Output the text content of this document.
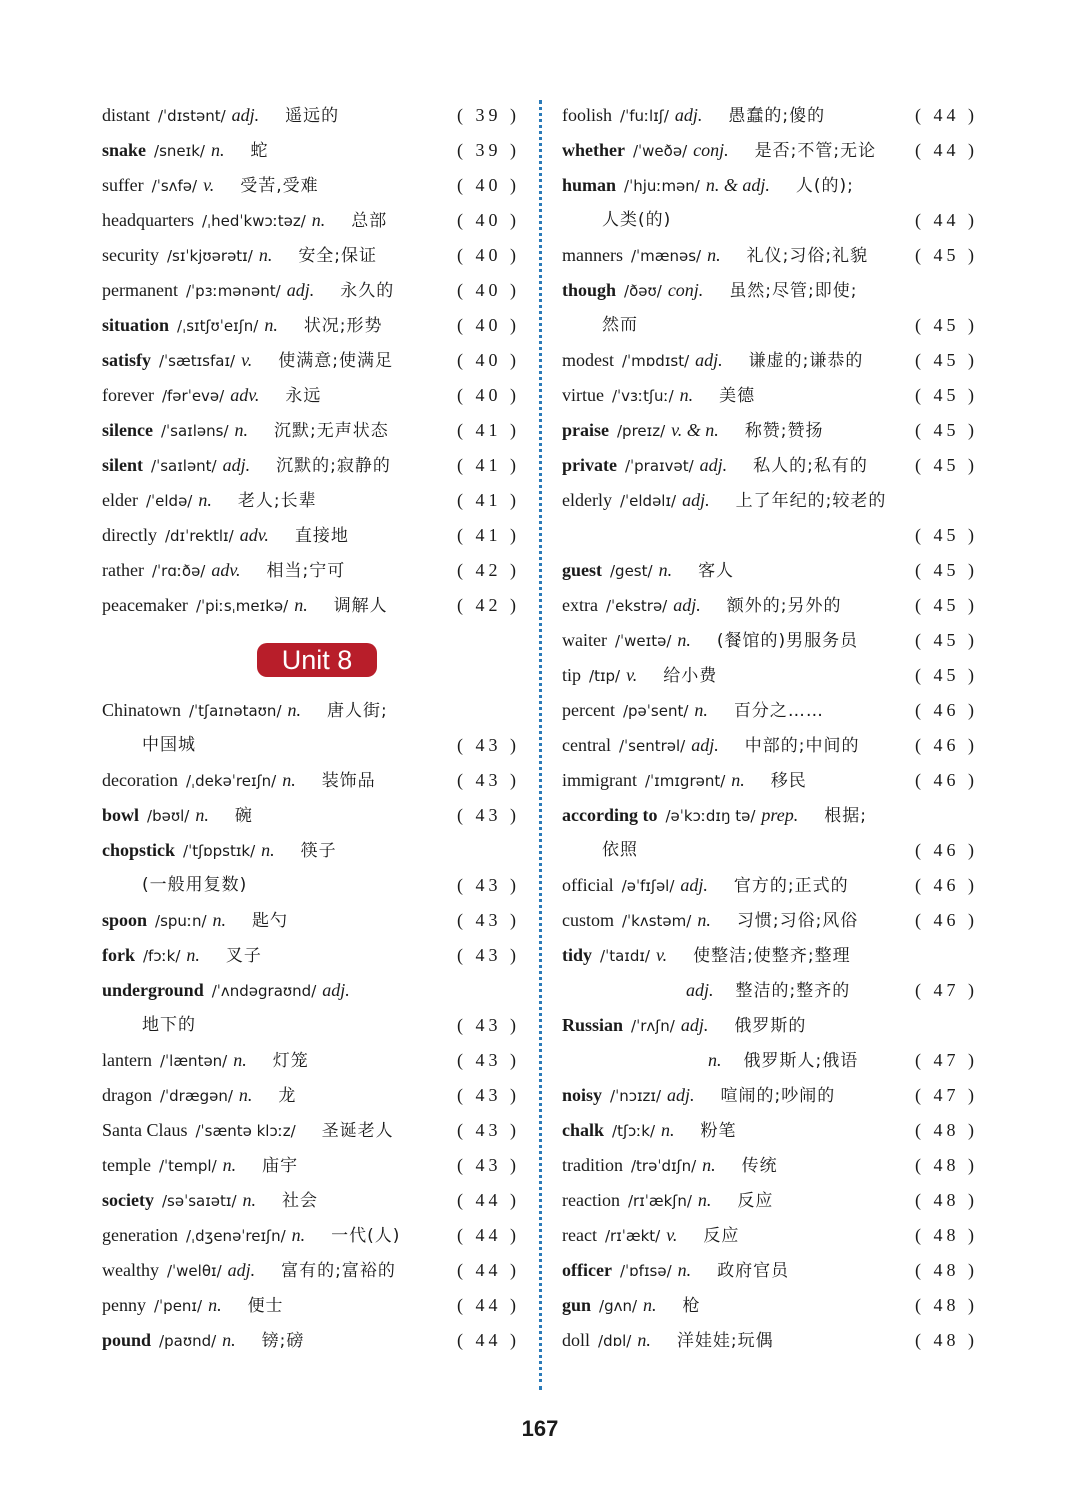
distant /ˈdɪstənt/ adj. 遥远的	( 39 )
snake /sneɪk/ n. 蛇	( 39 )
suffer /ˈsʌfə/ v. 受苦,受难	( 40 )
headquarters /ˌhedˈkwɔːtəz/ n. 总部	( 40 )
security /sɪˈkjʊərətɪ/ n. 安全;保证	( 40 )
permanent /ˈpɜːmənənt/ adj. 永久的	( 40 )
situation /ˌsɪtʃʊˈeɪʃn/ n. 状况;形势	( 40 )
satisfy /ˈsætɪsfaɪ/ v. 使满意;使满足	( 40 )
forever /fərˈevə/ adv. 永远	( 40 )
silence /ˈsaɪləns/ n. 沉默;无声状态	( 41 )
silent /ˈsaɪlənt/ adj. 沉默的;寂静的	( 41 )
elder /ˈeldə/ n. 老人;长辈	( 41 )
directly /dɪˈrektlɪ/ adv. 直接地	( 41 )
rather /ˈrɑːðə/ adv. 相当;宁可	( 42 )
peacemaker /ˈpiːsˌmeɪkə/ n. 调解人	( 42 )
Unit 8
Chinatown /ˈtʃaɪnətaʊn/ n. 唐人街;
中国城	( 43 )
decoration /ˌdekəˈreɪʃn/ n. 装饰品	( 43 )
bowl /bəʊl/ n. 碗	( 43 )
chopstick /ˈtʃɒpstɪk/ n. 筷子
(一般用复数)	( 43 )
spoon /spuːn/ n. 匙勺	( 43 )
fork /fɔːk/ n. 叉子	( 43 )
underground /ˈʌndəgraʊnd/ adj.
地下的	( 43 )
lantern /ˈlæntən/ n. 灯笼	( 43 )
dragon /ˈdrægən/ n. 龙	( 43 )
Santa Claus /ˈsæntə klɔːz/ 圣诞老人	( 43 )
temple /ˈtempl/ n. 庙宇	( 43 )
society /səˈsaɪətɪ/ n. 社会	( 44 )
generation /ˌdʒenəˈreɪʃn/ n. 一代(人)	( 44 )
wealthy /ˈwelθɪ/ adj. 富有的;富裕的	( 44 )
penny /ˈpenɪ/ n. 便士	( 44 )
pound /paʊnd/ n. 镑;磅	( 44 )
foolish /ˈfuːlɪʃ/ adj. 愚蠢的;傻的	( 44 )
whether /ˈweðə/ conj. 是否;不管;无论 ( 44 )
human /ˈhjuːmən/ n. & adj. 人(的);
人类(的)	( 44 )
manners /ˈmænəs/ n. 礼仪;习俗;礼貌	( 45 )
though /ðəʊ/ conj. 虽然;尽管;即使;
然而	( 45 )
modest /ˈmɒdɪst/ adj. 谦虚的;谦恭的	( 45 )
virtue /ˈvɜːtʃuː/ n. 美德	( 45 )
praise /preɪz/ v. & n. 称赞;赞扬	( 45 )
private /ˈpraɪvət/ adj. 私人的;私有的	( 45 )
elderly /ˈeldəlɪ/ adj. 上了年纪的;较老的
( 45 )
guest /gest/ n. 客人	( 45 )
extra /ˈekstrə/ adj. 额外的;另外的	( 45 )
waiter /ˈweɪtə/ n. (餐馆的)男服务员	( 45 )
tip /tɪp/ v. 给小费	( 45 )
percent /pəˈsent/ n. 百分之……	( 46 )
central /ˈsentrəl/ adj. 中部的;中间的	( 46 )
immigrant /ˈɪmɪgrənt/ n. 移民	( 46 )
according to /əˈkɔːdɪŋ tə/ prep. 根据;
依照	( 46 )
official /əˈfɪʃəl/ adj. 官方的;正式的	( 46 )
custom /ˈkʌstəm/ n. 习惯;习俗;风俗	( 46 )
tidy /ˈtaɪdɪ/ v. 使整洁;使整齐;整理
adj. 整洁的;整齐的	( 47 )
Russian /ˈrʌʃn/ adj. 俄罗斯的
n. 俄罗斯人;俄语	( 47 )
noisy /ˈnɔɪzɪ/ adj. 喧闹的;吵闹的	( 47 )
chalk /tʃɔːk/ n. 粉笔	( 48 )
tradition /trəˈdɪʃn/ n. 传统	( 48 )
reaction /rɪˈækʃn/ n. 反应	( 48 )
react /rɪˈækt/ v. 反应	( 48 )
officer /ˈɒfɪsə/ n. 政府官员	( 48 )
gun /gʌn/ n. 枪	( 48 )
doll /dɒl/ n. 洋娃娃;玩偶	( 48 )
167
